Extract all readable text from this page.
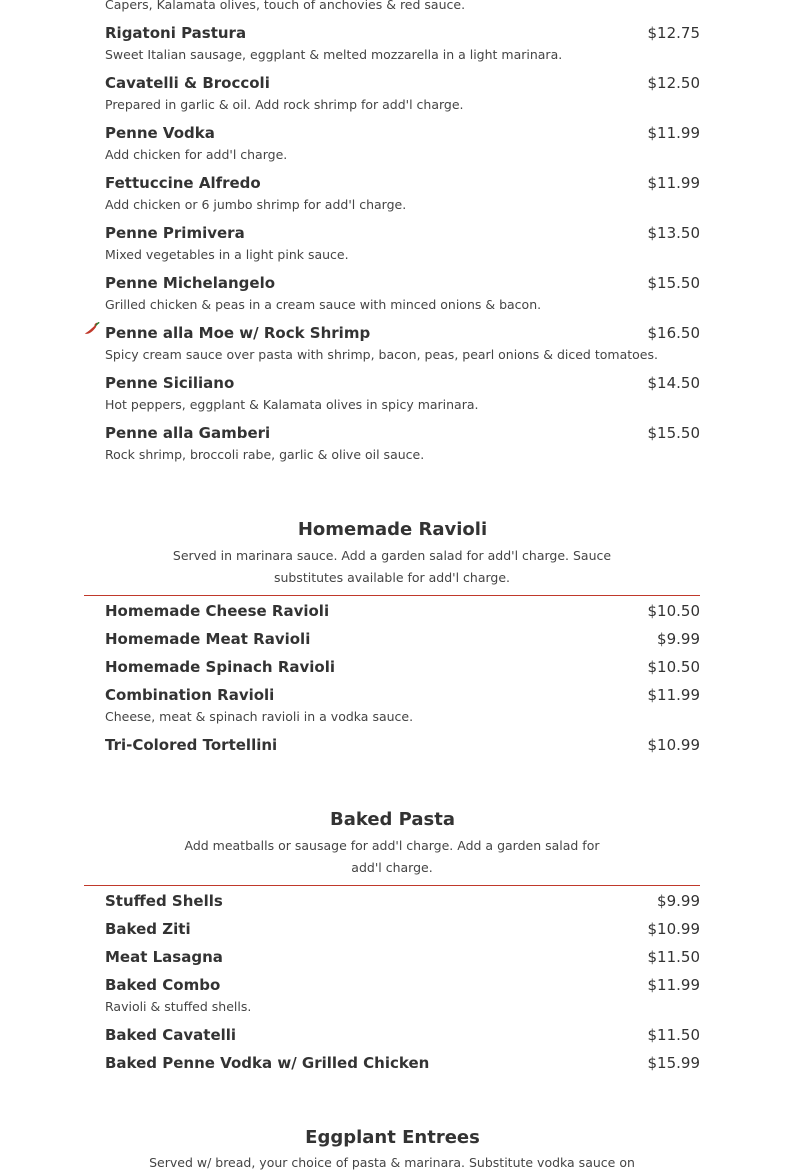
Capers, Kalamata olives, touch of anchovies & red sauce.
Rigatoni Pastura	$12.75
Sweet Italian sausage, eggplant & melted mozzarella in a light marinara.
Cavatelli & Broccoli	$12.50
Prepared in garlic & oil. Add rock shrimp for add'l charge.
Penne Vodka	$11.99
Add chicken for add'l charge.
Fettuccine Alfredo	$11.99
Add chicken or 6 jumbo shrimp for add'l charge.
Penne Primivera	$13.50
Mixed vegetables in a light pink sauce.
Penne Michelangelo	$15.50
Grilled chicken & peas in a cream sauce with minced onions & bacon.
Penne alla Moe w/ Rock Shrimp	$16.50
Spicy cream sauce over pasta with shrimp, bacon, peas, pearl onions & diced tomatoes.
Penne Siciliano	$14.50
Hot peppers, eggplant & Kalamata olives in spicy marinara.
Penne alla Gamberi	$15.50
Rock shrimp, broccoli rabe, garlic & olive oil sauce.
Homemade Ravioli
Served in marinara sauce. Add a garden salad for add'l charge. Sauce substitutes available for add'l charge.
Homemade Cheese Ravioli	$10.50
Homemade Meat Ravioli	$9.99
Homemade Spinach Ravioli	$10.50
Combination Ravioli	$11.99
Cheese, meat & spinach ravioli in a vodka sauce.
Tri-Colored Tortellini	$10.99
Baked Pasta
Add meatballs or sausage for add'l charge. Add a garden salad for add'l charge.
Stuffed Shells	$9.99
Baked Ziti	$10.99
Meat Lasagna	$11.50
Baked Combo	$11.99
Ravioli & stuffed shells.
Baked Cavatelli	$11.50
Baked Penne Vodka w/ Grilled Chicken	$15.99
Eggplant Entrees
Served w/ bread, your choice of pasta & marinara. Substitute vodka sauce on
